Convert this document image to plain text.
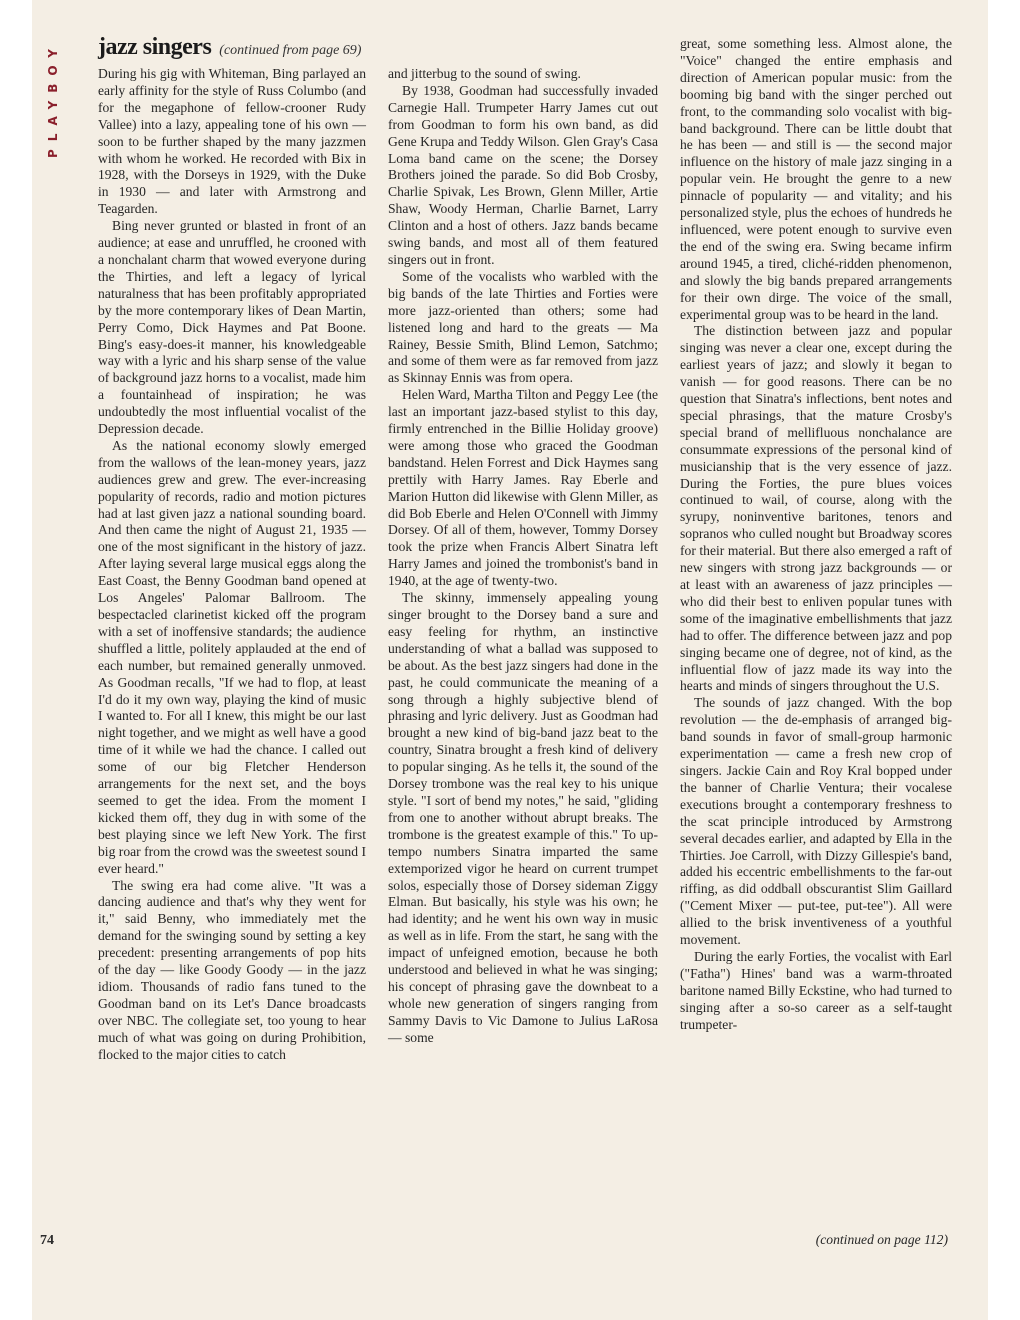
PLAYBOY
74
jazz singers (continued from page 69)

During his gig with Whiteman, Bing parlayed an early affinity for the style of Russ Columbo (and for the megaphone of fellow-crooner Rudy Vallee) into a lazy, appealing tone of his own — soon to be further shaped by the many jazzmen with whom he worked. He recorded with Bix in 1928, with the Dorseys in 1929, with the Duke in 1930 — and later with Armstrong and Teagarden.

Bing never grunted or blasted in front of an audience; at ease and unruffled, he crooned with a nonchalant charm that wowed everyone during the Thirties, and left a legacy of lyrical naturalness that has been profitably appropriated by the more contemporary likes of Dean Martin, Perry Como, Dick Haymes and Pat Boone. Bing's easy-does-it manner, his knowledgeable way with a lyric and his sharp sense of the value of background jazz horns to a vocalist, made him a fountainhead of inspiration; he was undoubtedly the most influential vocalist of the Depression decade.

As the national economy slowly emerged from the wallows of the lean-money years, jazz audiences grew and grew. The ever-increasing popularity of records, radio and motion pictures had at last given jazz a national sounding board. And then came the night of August 21, 1935 — one of the most significant in the history of jazz. After laying several large musical eggs along the East Coast, the Benny Goodman band opened at Los Angeles' Palomar Ballroom. The bespectacled clarinetist kicked off the program with a set of inoffensive standards; the audience shuffled a little, politely applauded at the end of each number, but remained generally unmoved. As Goodman recalls, "If we had to flop, at least I'd do it my own way, playing the kind of music I wanted to. For all I knew, this might be our last night together, and we might as well have a good time of it while we had the chance. I called out some of our big Fletcher Henderson arrangements for the next set, and the boys seemed to get the idea. From the moment I kicked them off, they dug in with some of the best playing since we left New York. The first big roar from the crowd was the sweetest sound I ever heard."

The swing era had come alive. "It was a dancing audience and that's why they went for it," said Benny, who immediately met the demand for the swinging sound by setting a key precedent: presenting arrangements of pop hits of the day — like Goody Goody — in the jazz idiom. Thousands of radio fans tuned to the Goodman band on its Let's Dance broadcasts over NBC. The collegiate set, too young to hear much of what was going on during Prohibition, flocked to the major cities to catch

and jitterbug to the sound of swing.

By 1938, Goodman had successfully invaded Carnegie Hall. Trumpeter Harry James cut out from Goodman to form his own band, as did Gene Krupa and Teddy Wilson. Glen Gray's Casa Loma band came on the scene; the Dorsey Brothers joined the parade. So did Bob Crosby, Charlie Spivak, Les Brown, Glenn Miller, Artie Shaw, Woody Herman, Charlie Barnet, Larry Clinton and a host of others. Jazz bands became swing bands, and most all of them featured singers out in front.

Some of the vocalists who warbled with the big bands of the late Thirties and Forties were more jazz-oriented than others; some had listened long and hard to the greats — Ma Rainey, Bessie Smith, Blind Lemon, Satchmo; and some of them were as far removed from jazz as Skinnay Ennis was from opera.

Helen Ward, Martha Tilton and Peggy Lee (the last an important jazz-based stylist to this day, firmly entrenched in the Billie Holiday groove) were among those who graced the Goodman bandstand. Helen Forrest and Dick Haymes sang prettily with Harry James. Ray Eberle and Marion Hutton did likewise with Glenn Miller, as did Bob Eberle and Helen O'Connell with Jimmy Dorsey. Of all of them, however, Tommy Dorsey took the prize when Francis Albert Sinatra left Harry James and joined the trombonist's band in 1940, at the age of twenty-two.

The skinny, immensely appealing young singer brought to the Dorsey band a sure and easy feeling for rhythm, an instinctive understanding of what a ballad was supposed to be about. As the best jazz singers had done in the past, he could communicate the meaning of a song through a highly subjective blend of phrasing and lyric delivery. Just as Goodman had brought a new kind of big-band jazz beat to the country, Sinatra brought a fresh kind of delivery to popular singing. As he tells it, the sound of the Dorsey trombone was the real key to his unique style. "I sort of bend my notes," he said, "gliding from one to another without abrupt breaks. The trombone is the greatest example of this." To up-tempo numbers Sinatra imparted the same extemporized vigor he heard on current trumpet solos, especially those of Dorsey sideman Ziggy Elman. But basically, his style was his own; he had identity; and he went his own way in music as well as in life. From the start, he sang with the impact of unfeigned emotion, because he both understood and believed in what he was singing; his concept of phrasing gave the downbeat to a whole new generation of singers ranging from Sammy Davis to Vic Damone to Julius LaRosa — some

great, some something less. Almost alone, the "Voice" changed the entire emphasis and direction of American popular music: from the booming big band with the singer perched out front, to the commanding solo vocalist with big-band background. There can be little doubt that he has been — and still is — the second major influence on the history of male jazz singing in a popular vein. He brought the genre to a new pinnacle of popularity — and vitality; and his personalized style, plus the echoes of hundreds he influenced, were potent enough to survive even the end of the swing era. Swing became infirm around 1945, a tired, cliché-ridden phenomenon, and slowly the big bands prepared arrangements for their own dirge. The voice of the small, experimental group was to be heard in the land.

The distinction between jazz and popular singing was never a clear one, except during the earliest years of jazz; and slowly it began to vanish — for good reasons. There can be no question that Sinatra's inflections, bent notes and special phrasings, that the mature Crosby's special brand of mellifluous nonchalance are consummate expressions of the personal kind of musicianship that is the very essence of jazz. During the Forties, the pure blues voices continued to wail, of course, along with the syrupy, noninventive baritones, tenors and sopranos who culled nought but Broadway scores for their material. But there also emerged a raft of new singers with strong jazz backgrounds — or at least with an awareness of jazz principles — who did their best to enliven popular tunes with some of the imaginative embellishments that jazz had to offer. The difference between jazz and pop singing became one of degree, not of kind, as the influential flow of jazz made its way into the hearts and minds of singers throughout the U.S.

The sounds of jazz changed. With the bop revolution — the de-emphasis of arranged big-band sounds in favor of small-group harmonic experimentation — came a fresh new crop of singers. Jackie Cain and Roy Kral bopped under the banner of Charlie Ventura; their vocalese executions brought a contemporary freshness to the scat principle introduced by Armstrong several decades earlier, and adapted by Ella in the Thirties. Joe Carroll, with Dizzy Gillespie's band, added his eccentric embellishments to the far-out riffing, as did oddball obscurantist Slim Gaillard ("Cement Mixer — put-tee, put-tee"). All were allied to the brisk inventiveness of a youthful movement.

During the early Forties, the vocalist with Earl ("Fatha") Hines' band was a warm-throated baritone named Billy Eckstine, who had turned to singing after a so-so career as a self-taught trumpeter-

(continued on page 112)
